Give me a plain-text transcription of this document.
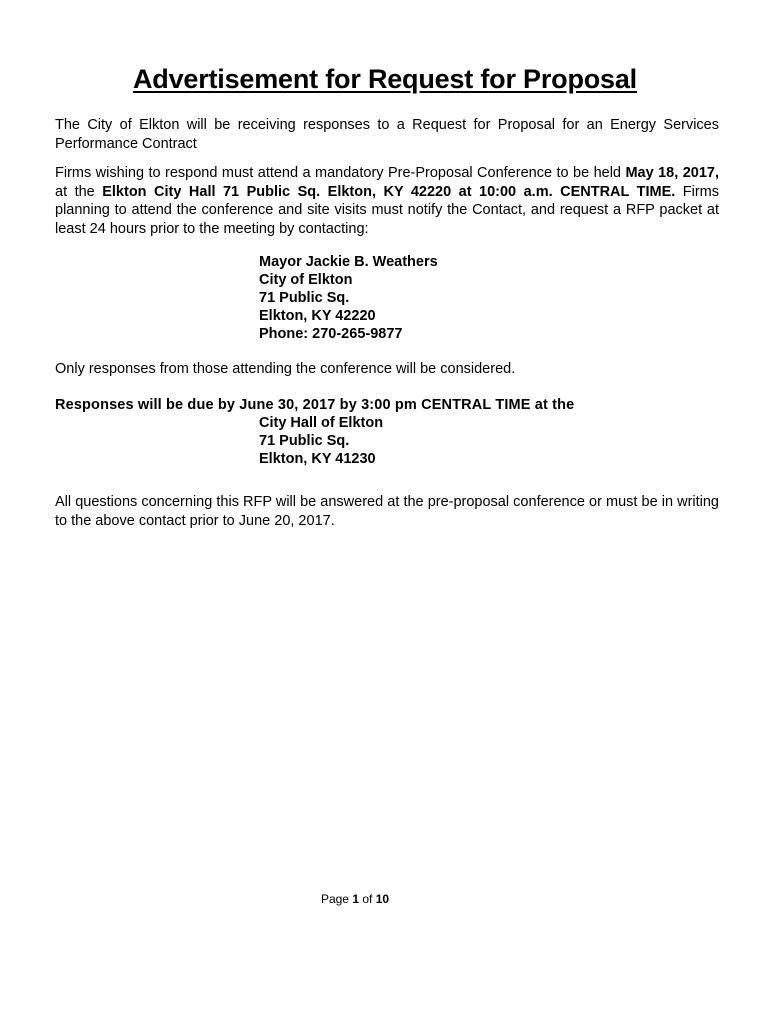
Advertisement for Request for Proposal
The City of Elkton will be receiving responses to a Request for Proposal for an Energy Services Performance Contract
Firms wishing to respond must attend a mandatory Pre-Proposal Conference to be held May 18, 2017, at the Elkton City Hall 71 Public Sq. Elkton, KY 42220 at 10:00 a.m. CENTRAL TIME. Firms planning to attend the conference and site visits must notify the Contact, and request a RFP packet at least 24 hours prior to the meeting by contacting:
Mayor Jackie B. Weathers
City of Elkton
71 Public Sq.
Elkton, KY 42220
Phone: 270-265-9877
Only responses from those attending the conference will be considered.
Responses will be due by June 30, 2017 by 3:00 pm CENTRAL TIME at the
City Hall of Elkton
71 Public Sq.
Elkton, KY 41230
All questions concerning this RFP will be answered at the pre-proposal conference or must be in writing to the above contact prior to June 20, 2017.
Page 1 of 10
